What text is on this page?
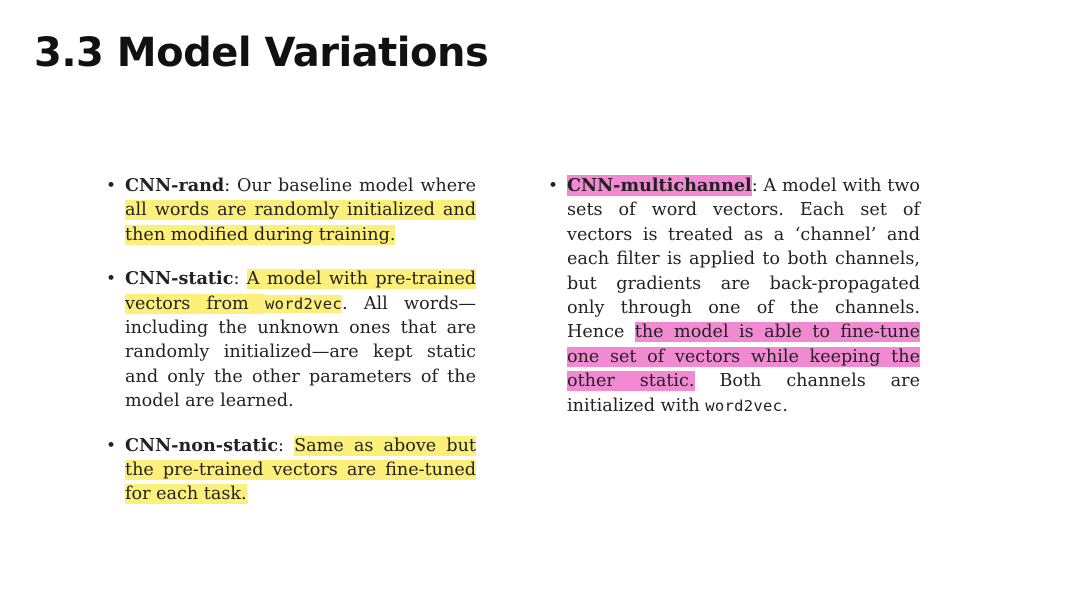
3.3 Model Variations
• CNN-rand: Our baseline model where all words are randomly initialized and then modified during training.
• CNN-static: A model with pre-trained vectors from word2vec. All words—including the unknown ones that are randomly initialized—are kept static and only the other parameters of the model are learned.
• CNN-non-static: Same as above but the pre-trained vectors are fine-tuned for each task.
• CNN-multichannel: A model with two sets of word vectors. Each set of vectors is treated as a ‘channel’ and each filter is applied to both channels, but gradients are back-propagated only through one of the channels. Hence the model is able to fine-tune one set of vectors while keeping the other static. Both channels are initialized with word2vec.
